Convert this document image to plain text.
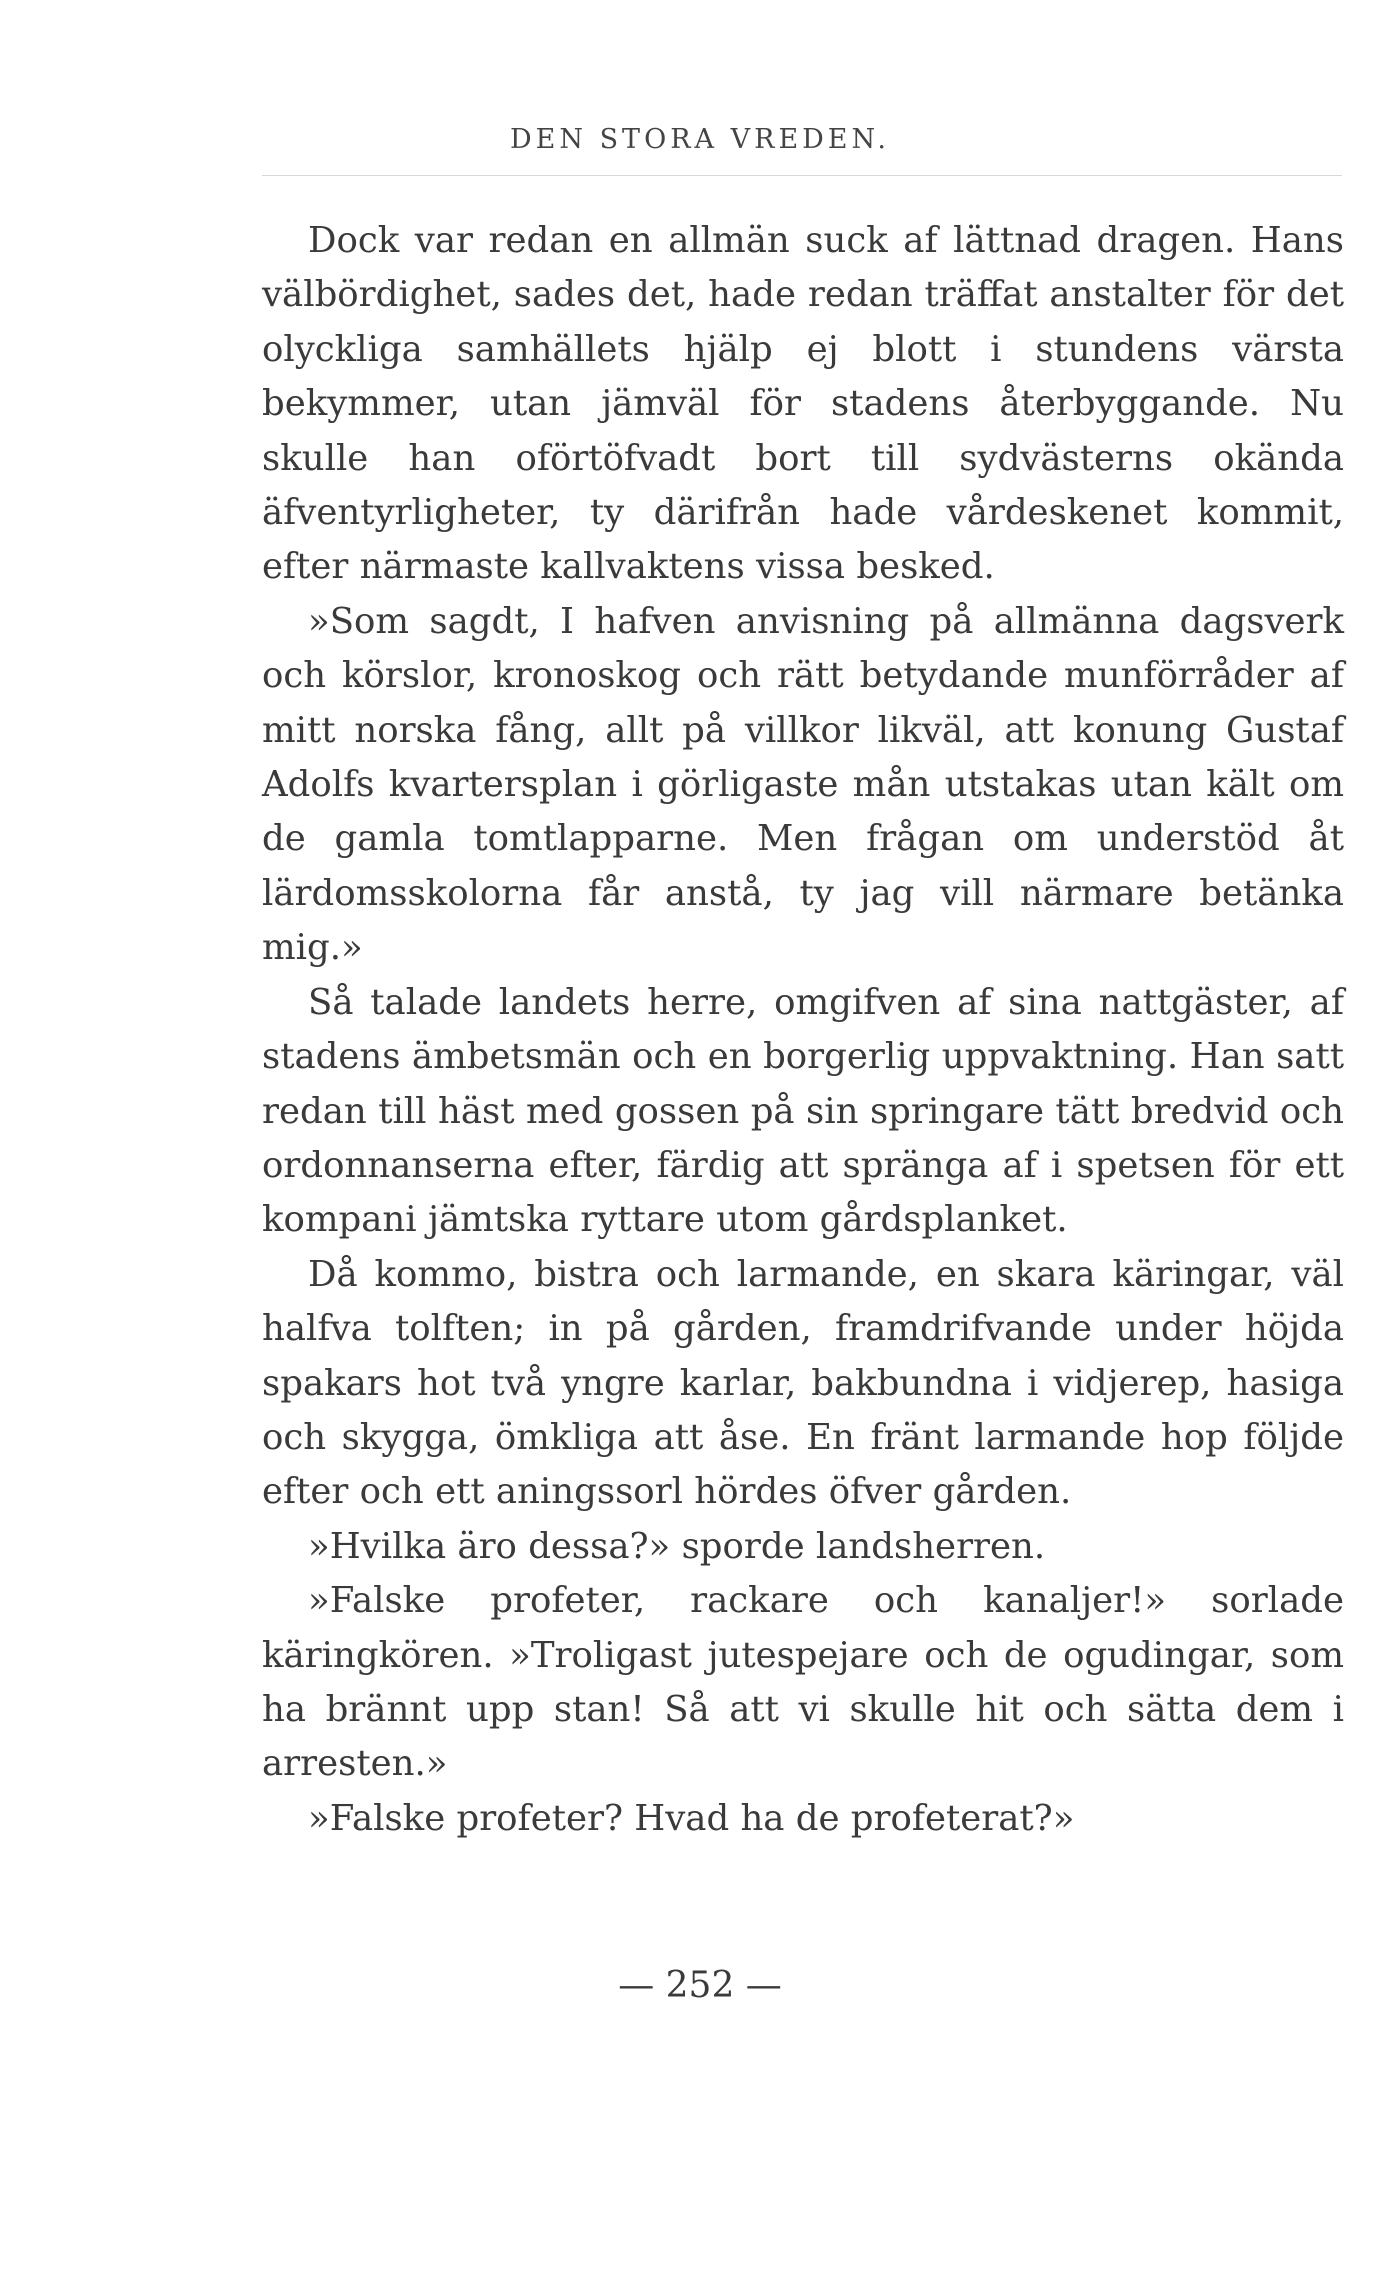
DEN STORA VREDEN.

Dock var redan en allmän suck af lättnad dragen. Hans välbördighet, sades det, hade redan träffat anstalter för det olyckliga samhällets hjälp ej blott i stundens värsta bekymmer, utan jämväl för stadens återbyggande. Nu skulle han oförtöfvadt bort till sydvästerns okända äfventyrligheter, ty därifrån hade vårdeskenet kommit, efter närmaste kallvaktens vissa besked.

»Som sagdt, I hafven anvisning på allmänna dagsverk och körslor, kronoskog och rätt betydande munförråder af mitt norska fång, allt på villkor likväl, att konung Gustaf Adolfs kvartersplan i görligaste mån utstakas utan kält om de gamla tomtlapparne. Men frågan om understöd åt lärdomsskolorna får anstå, ty jag vill närmare betänka mig.»

Så talade landets herre, omgifven af sina nattgäster, af stadens ämbetsmän och en borgerlig uppvaktning. Han satt redan till häst med gossen på sin springare tätt bredvid och ordonnanserna efter, färdig att spränga af i spetsen för ett kompani jämtska ryttare utom gårdsplanket.

Då kommo, bistra och larmande, en skara käringar, väl halfva tolften; in på gården, framdrifvande under höjda spakars hot två yngre karlar, bakbundna i vidjerep, hasiga och skygga, ömkliga att åse. En fränt larmande hop följde efter och ett aningssorl hördes öfver gården.

»Hvilka äro dessa?» sporde landsherren.

»Falske profeter, rackare och kanaljer!» sorlade käringkören. »Troligast jutespejare och de ogudingar, som ha brännt upp stan! Så att vi skulle hit och sätta dem i arresten.»

»Falske profeter? Hvad ha de profeterat?»

— 252 —
